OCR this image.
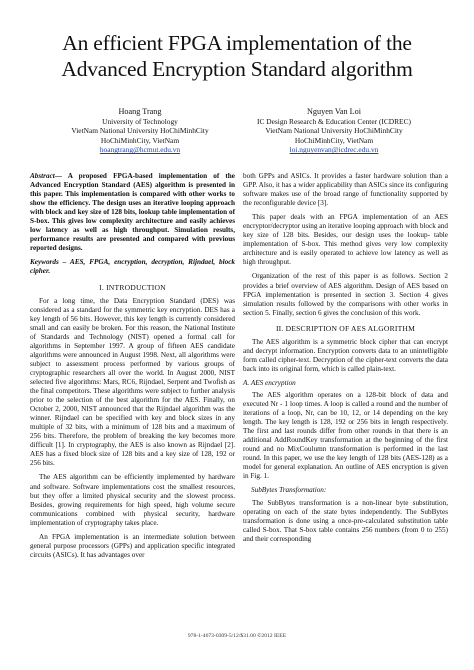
An efficient FPGA implementation of the Advanced Encryption Standard algorithm
Hoang Trang
University of Technology
VietNam National University HoChiMinhCity
HoChiMinhCity, VietNam
hoangtrang@hcmut.edu.vn
Nguyen Van Loi
IC Design Research & Education Center (ICDREC)
VietNam National University HoChiMinhCity
HoChiMinhCity, VietNam
loi.nguyenvan@icdrec.edu.vn

Abstract— A proposed FPGA-based implementation of the Advanced Encryption Standard (AES) algorithm is presented in this paper. This implementation is compared with other works to show the efficiency. The design uses an iterative looping approach with block and key size of 128 bits, lookup table implementation of S-box. This gives low complexity architecture and easily achieves low latency as well as high throughput. Simulation results, performance results are presented and compared with previous reported designs.

Keywords – AES, FPGA, encryption, decryption, Rijndael, block cipher.

I. INTRODUCTION

For a long time, the Data Encryption Standard (DES) was considered as a standard for the symmetric key encryption. DES has a key length of 56 bits. However, this key length is currently considered small and can easily be broken. For this reason, the National Institute of Standards and Technology (NIST) opened a formal call for algorithms in September 1997. A group of fifteen AES candidate algorithms were announced in August 1998. Next, all algorithms were subject to assessment process performed by various groups of cryptographic researchers all over the world. In August 2000, NIST selected five algorithms: Mars, RC6, Rijndael, Serpent and Twofish as the final competitors. These algorithms were subject to further analysis prior to the selection of the best algorithm for the AES. Finally, on October 2, 2000, NIST announced that the Rijndael algorithm was the winner. Rijndael can be specified with key and block sizes in any multiple of 32 bits, with a minimum of 128 bits and a maximum of 256 bits. Therefore, the problem of breaking the key becomes more difficult [1]. In cryptography, the AES is also known as Rijndael [2]. AES has a fixed block size of 128 bits and a key size of 128, 192 or 256 bits.

The AES algorithm can be efficiently implemented by hardware and software. Software implementations cost the smallest resources, but they offer a limited physical security and the slowest process. Besides, growing requirements for high speed, high volume secure communications combined with physical security, hardware implementation of cryptography takes place.

An FPGA implementation is an intermediate solution between general purpose processors (GPPs) and application specific integrated circuits (ASICs). It has advantages over

both GPPs and ASICs. It provides a faster hardware solution than a GPP. Also, it has a wider applicability than ASICs since its configuring software makes use of the broad range of functionality supported by the reconfigurable device [3].

This paper deals with an FPGA implementation of an AES encryptor/decryptor using an iterative looping approach with block and key size of 128 bits. Besides, our design uses the lookup- table implementation of S-box. This method gives very low complexity architecture and is easily operated to achieve low latency as well as high throughput.

Organization of the rest of this paper is as follows. Section 2 provides a brief overview of AES algorithm. Design of AES based on FPGA implementation is presented in section 3. Section 4 gives simulation results followed by the comparisons with other works in section 5. Finally, section 6 gives the conclusion of this work.

II. DESCRIPTION OF AES ALGORITHM

The AES algorithm is a symmetric block cipher that can encrypt and decrypt information. Encryption converts data to an unintelligible form called cipher-text. Decryption of the cipher-text converts the data back into its original form, which is called plain-text.

A. AES encryption

The AES algorithm operates on a 128-bit block of data and executed Nr - 1 loop times. A loop is called a round and the number of iterations of a loop, Nr, can be 10, 12, or 14 depending on the key length. The key length is 128, 192 or 256 bits in length respectively. The first and last rounds differ from other rounds in that there is an additional AddRoundKey transformation at the beginning of the first round and no MixCoulumn transformation is performed in the last round. In this paper, we use the key length of 128 bits (AES-128) as a model for general explanation. An outline of AES encryption is given in Fig. 1.

SubBytes Transformation:

The SubBytes transformation is a non-linear byte substitution, operating on each of the state bytes independently. The SubBytes transformation is done using a once-pre-calculated substitution table called S-box. That S-box table contains 256 numbers (from 0 to 255) and their corresponding

978-1-4673-0309-5/12/$31.00 ©2012 IEEE
